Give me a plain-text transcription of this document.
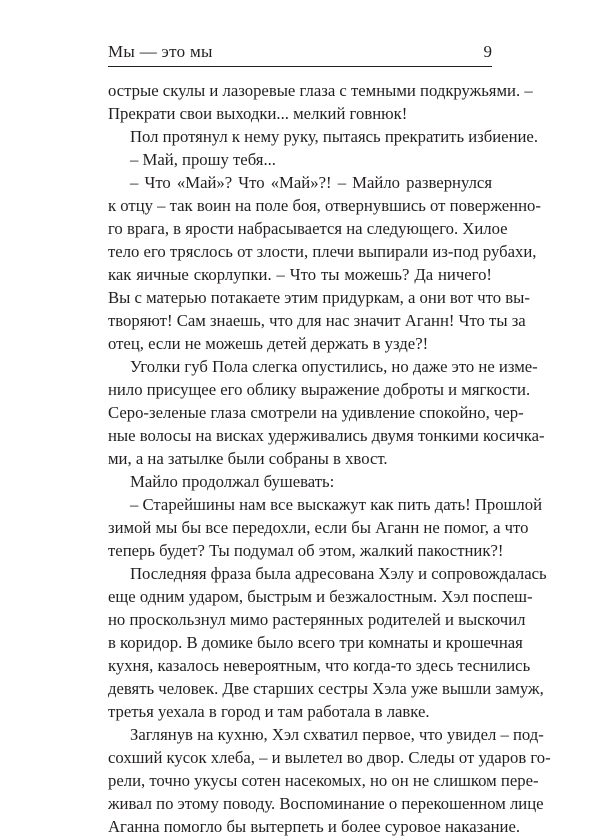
Мы — это мы	9
острые скулы и лазоревые глаза с темными подкружьями. –
Прекрати свои выходки... мелкий говнюк!
Пол протянул к нему руку, пытаясь прекратить избиение.
– Май, прошу тебя...
– Что «Май»? Что «Май»?! – Майло развернулся
к отцу – так воин на поле боя, отвернувшись от поверженно-
го врага, в ярости набрасывается на следующего. Хилое
тело его тряслось от злости, плечи выпирали из-под рубахи,
как яичные скорлупки. – Что ты можешь? Да ничего!
Вы с матерью потакаете этим придуркам, а они вот что вы-
творяют! Сам знаешь, что для нас значит Аганн! Что ты за
отец, если не можешь детей держать в узде?!
Уголки губ Пола слегка опустились, но даже это не изме-
нило присущее его облику выражение доброты и мягкости.
Серо-зеленые глаза смотрели на удивление спокойно, чер-
ные волосы на висках удерживались двумя тонкими косичка-
ми, а на затылке были собраны в хвост.
Майло продолжал бушевать:
– Старейшины нам все выскажут как пить дать! Прошлой
зимой мы бы все передохли, если бы Аганн не помог, а что
теперь будет? Ты подумал об этом, жалкий пакостник?!
Последняя фраза была адресована Хэлу и сопровождалась
еще одним ударом, быстрым и безжалостным. Хэл поспеш-
но проскользнул мимо растерянных родителей и выскочил
в коридор. В домике было всего три комнаты и крошечная
кухня, казалось невероятным, что когда-то здесь теснились
девять человек. Две старших сестры Хэла уже вышли замуж,
третья уехала в город и там работала в лавке.
Заглянув на кухню, Хэл схватил первое, что увидел – под-
сохший кусок хлеба, – и вылетел во двор. Следы от ударов го-
рели, точно укусы сотен насекомых, но он не слишком пере-
живал по этому поводу. Воспоминание о перекошенном лице
Аганна помогло бы вытерпеть и более суровое наказание.
